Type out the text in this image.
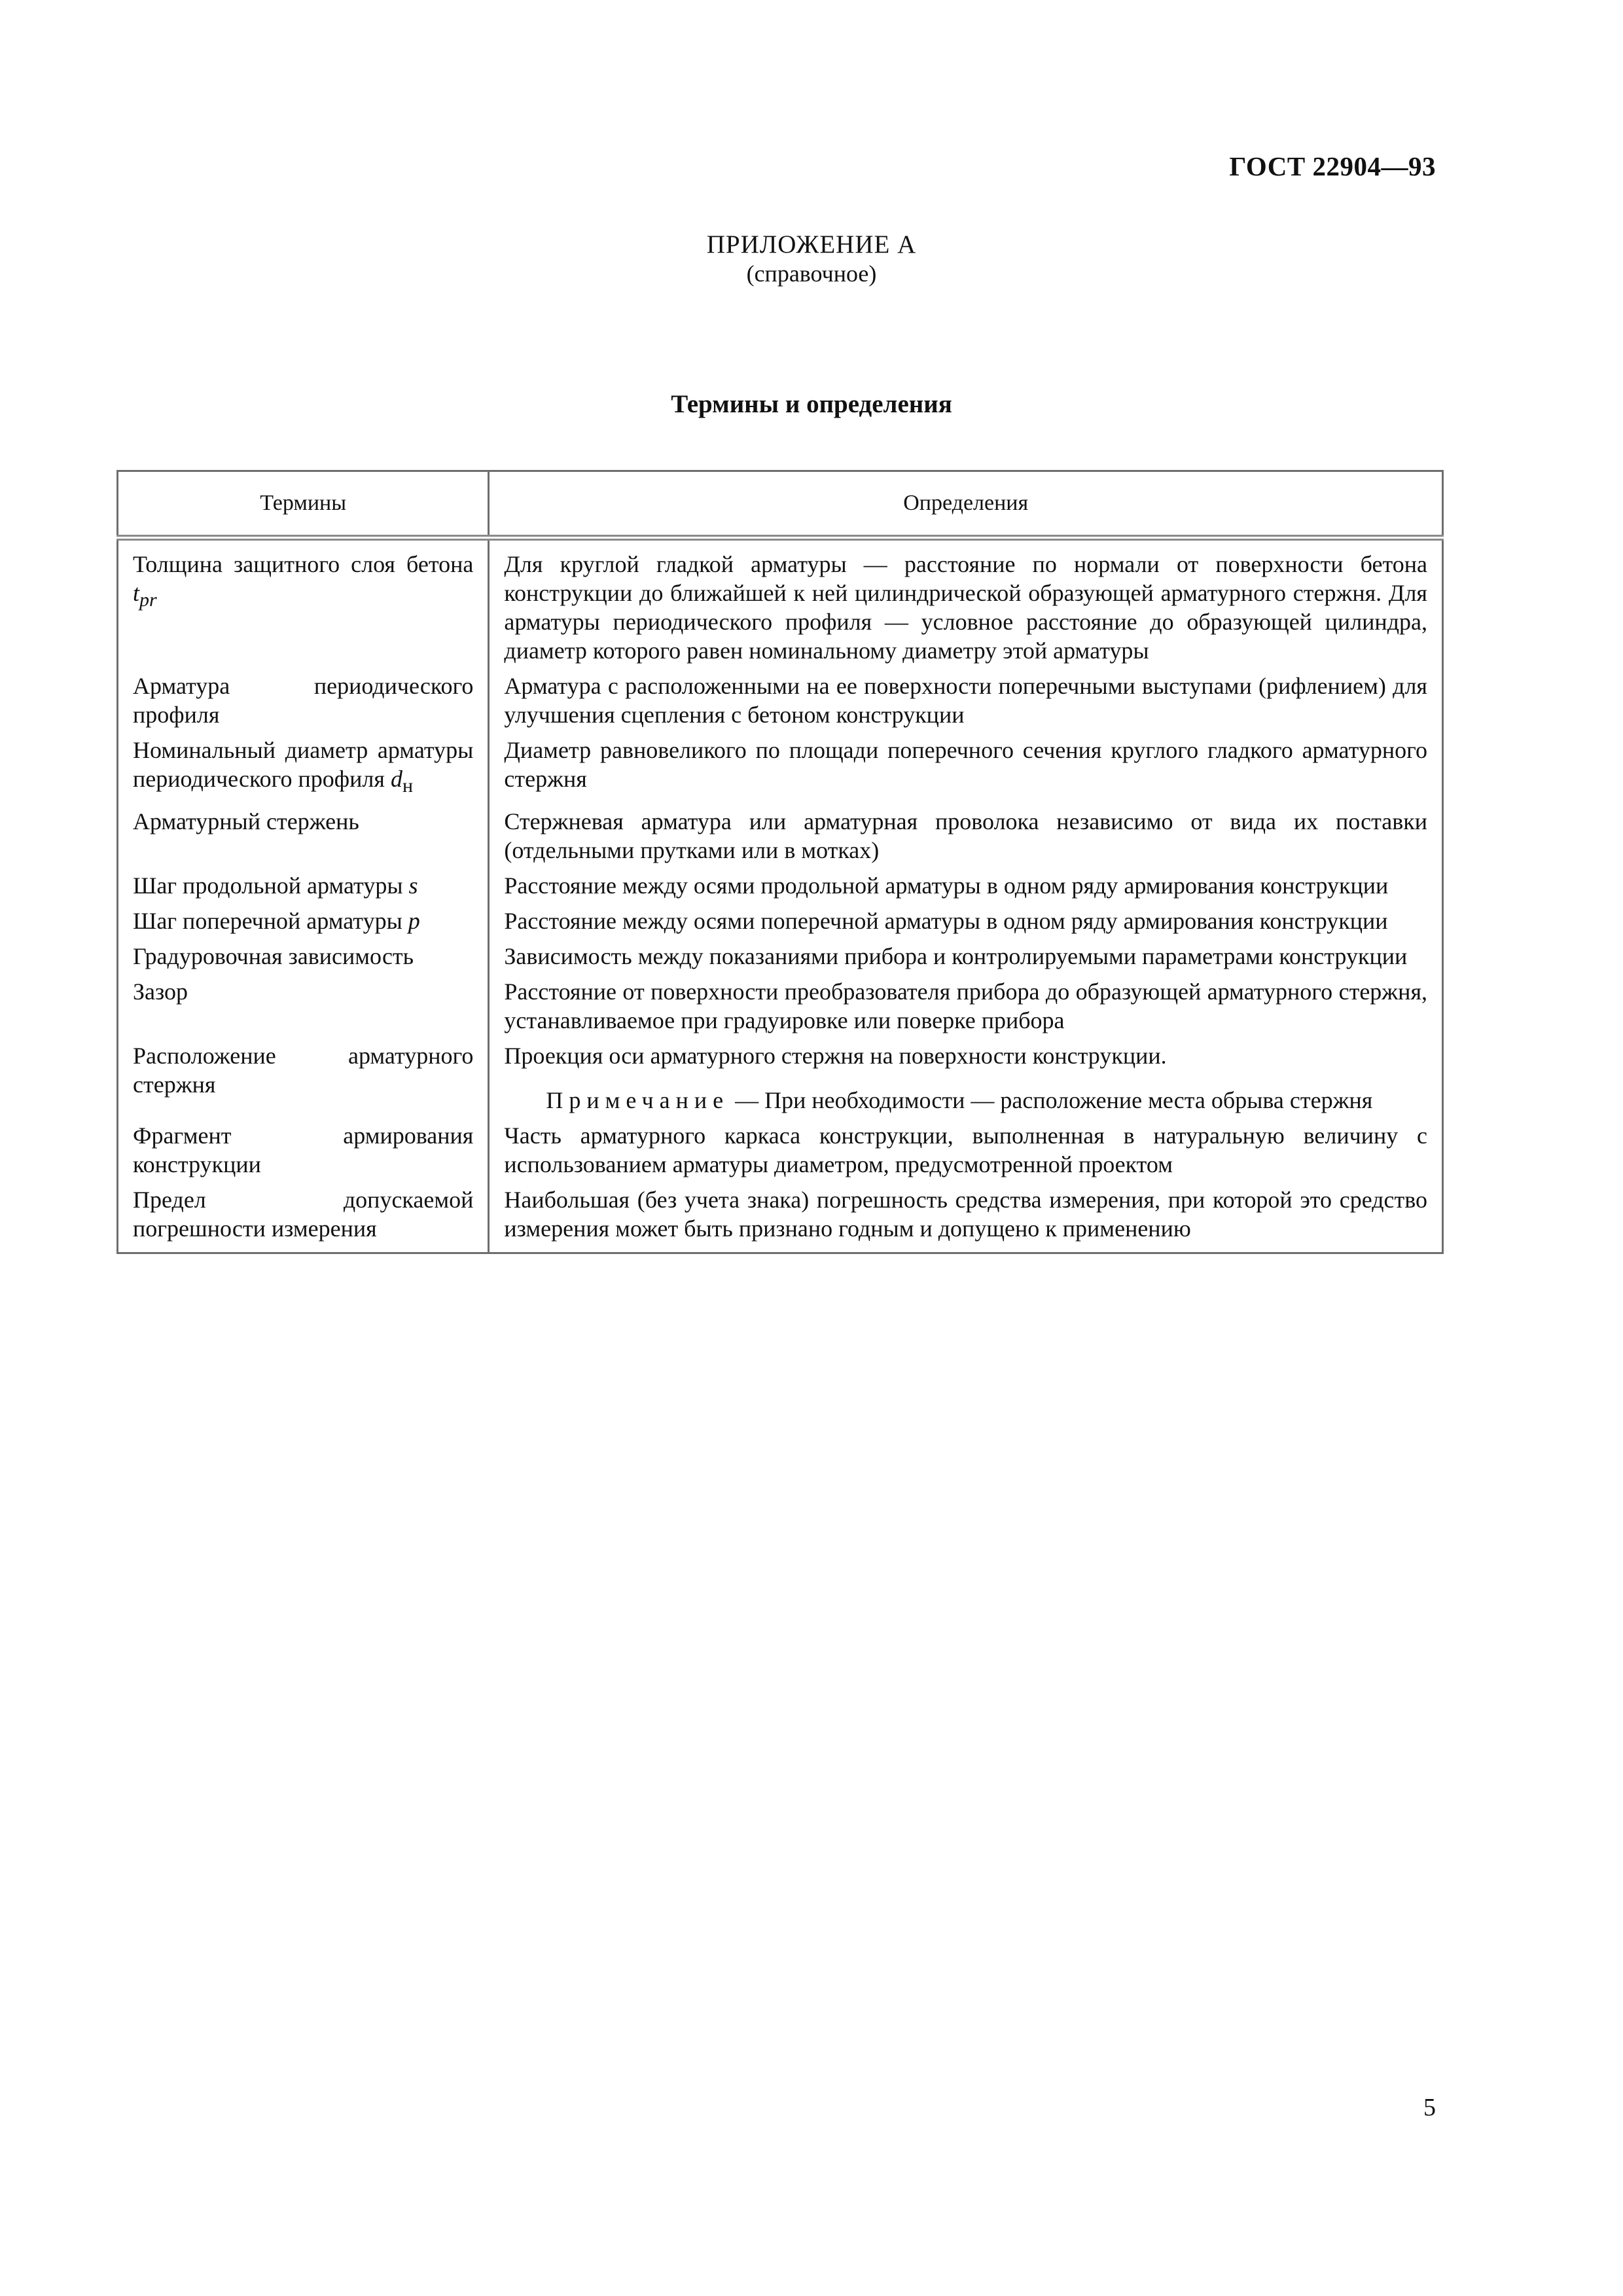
ГОСТ 22904—93
ПРИЛОЖЕНИЕ А
(справочное)
Термины и определения
Термины	Определения
Толщина защитного слоя бетона $t_{pr}$	Для круглой гладкой арматуры — расстояние по нормали от поверхности бетона конструкции до ближайшей к ней цилиндрической образующей арматурного стержня. Для арматуры периодического профиля — условное расстояние до образующей цилиндра, диаметр которого равен номинальному диаметру этой арматуры
Арматура периодического профиля	Арматура с расположенными на ее поверхности поперечными выступами (рифлением) для улучшения сцепления с бетоном конструкции
Номинальный диаметр арматуры периодического профиля $d_н$	Диаметр равновеликого по площади поперечного сечения круглого гладкого арматурного стержня
Арматурный стержень	Стержневая арматура или арматурная проволока независимо от вида их поставки (отдельными прутками или в мотках)
Шаг продольной арматуры s	Расстояние между осями продольной арматуры в одном ряду армирования конструкции
Шаг поперечной арматуры p	Расстояние между осями поперечной арматуры в одном ряду армирования конструкции
Градуровочная зависимость	Зависимость между показаниями прибора и контролируемыми параметрами конструкции
Зазор	Расстояние от поверхности преобразователя прибора до образующей арматурного стержня, устанавливаемое при градуировке или поверке прибора
Расположение арматурного стержня	Проекция оси арматурного стержня на поверхности конструкции.
Примечание — При необходимости — расположение места обрыва стержня

Фрагмент армирования конструкции	Часть арматурного каркаса конструкции, выполненная в натуральную величину с использованием арматуры диаметром, предусмотренной проектом
Предел допускаемой погрешности измерения	Наибольшая (без учета знака) погрешность средства измерения, при которой это средство измерения может быть признано годным и допущено к применению
5
